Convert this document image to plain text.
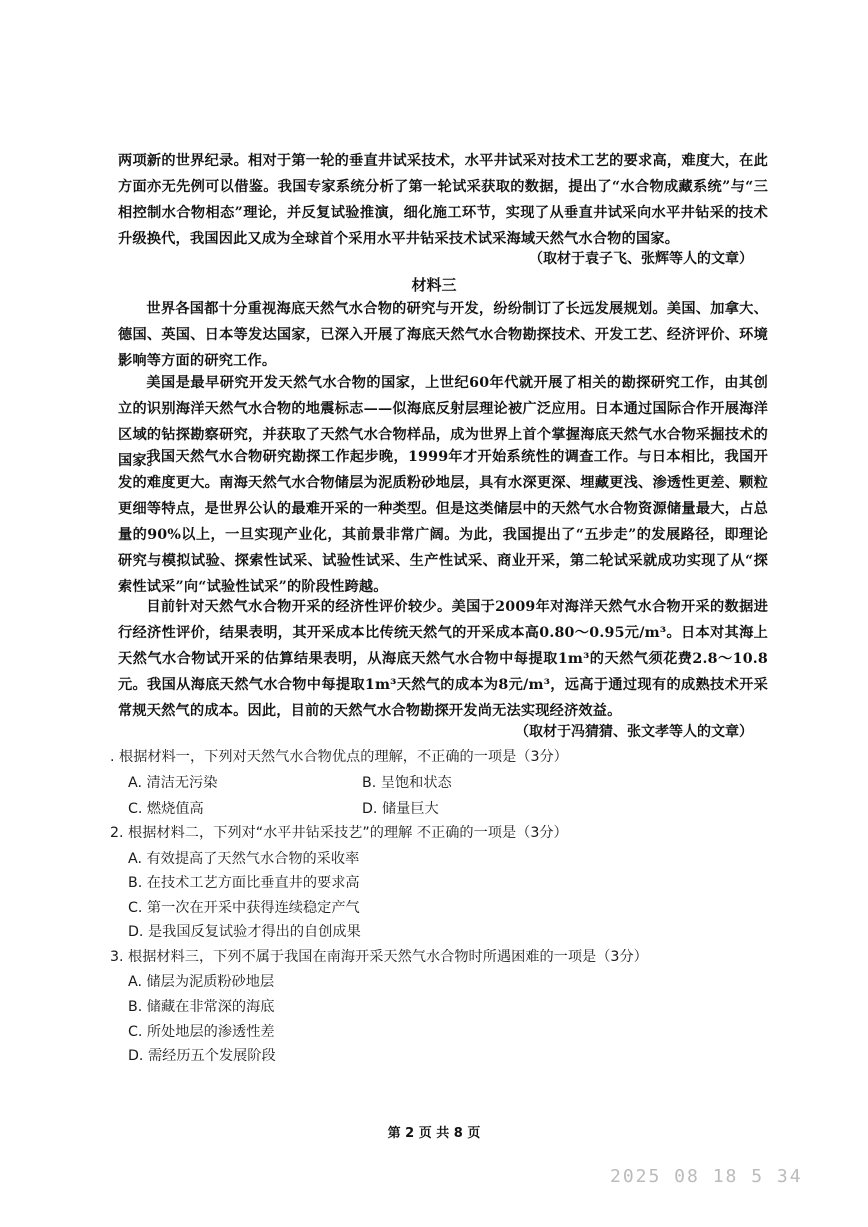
两项新的世界纪录。相对于第一轮的垂直井试采技术，水平井试采对技术工艺的要求高，难度大，在此方面亦无先例可以借鉴。我国专家系统分析了第一轮试采获取的数据，提出了“水合物成藏系统”与“三相控制水合物相态”理论，并反复试验推演，细化施工环节，实现了从垂直井试采向水平井钻采的技术升级换代，我国因此又成为全球首个采用水平井钻采技术试采海域天然气水合物的国家。
（取材于袁子飞、张辉等人的文章）
材料三
世界各国都十分重视海底天然气水合物的研究与开发，纷纷制订了长远发展规划。美国、加拿大、德国、英国、日本等发达国家，已深入开展了海底天然气水合物勘探技术、开发工艺、经济评价、环境影响等方面的研究工作。
美国是最早研究开发天然气水合物的国家，上世纪60年代就开展了相关的勘探研究工作，由其创立的识别海洋天然气水合物的地震标志——似海底反射层理论被广泛应用。日本通过国际合作开展海洋区域的钻探勘察研究，并获取了天然气水合物样品，成为世界上首个掌握海底天然气水合物采掘技术的国家。
我国天然气水合物研究勘探工作起步晚，1999年才开始系统性的调查工作。与日本相比，我国开发的难度更大。南海天然气水合物储层为泥质粉砂地层，具有水深更深、埋藏更浅、渗透性更差、颗粒更细等特点，是世界公认的最难开采的一种类型。但是这类储层中的天然气水合物资源储量最大，占总量的90%以上，一旦实现产业化，其前景非常广阔。为此，我国提出了“五步走”的发展路径，即理论研究与模拟试验、探索性试采、试验性试采、生产性试采、商业开采，第二轮试采就成功实现了从“探索性试采”向“试验性试采”的阶段性跨越。
目前针对天然气水合物开采的经济性评价较少。美国于2009年对海洋天然气水合物开采的数据进行经济性评价，结果表明，其开采成本比传统天然气的开采成本高0.80～0.95元/m³。日本对其海上天然气水合物试开采的估算结果表明，从海底天然气水合物中每提取1m³的天然气须花费2.8～10.8元。我国从海底天然气水合物中每提取1m³天然气的成本为8元/m³，远高于通过现有的成熟技术开采常规天然气的成本。因此，目前的天然气水合物勘探开发尚无法实现经济效益。
（取材于冯猜猜、张文孝等人的文章）
. 根据材料一，下列对天然气水合物优点的理解，不正确的一项是（3分）
A. 清洁无污染	B. 呈饱和状态
C. 燃烧值高	D. 储量巨大
2. 根据材料二，下列对“水平井钻采技艺”的理解 不正确的一项是（3分）
A. 有效提高了天然气水合物的采收率
B. 在技术工艺方面比垂直井的要求高
C. 第一次在开采中获得连续稳定产气
D. 是我国反复试验才得出的自创成果
3. 根据材料三，下列不属于我国在南海开采天然气水合物时所遇困难的一项是（3分）
A. 储层为泥质粉砂地层
B. 储藏在非常深的海底
C. 所处地层的渗透性差
D. 需经历五个发展阶段
第 2 页 共 8 页
2025 08 18 5 34
